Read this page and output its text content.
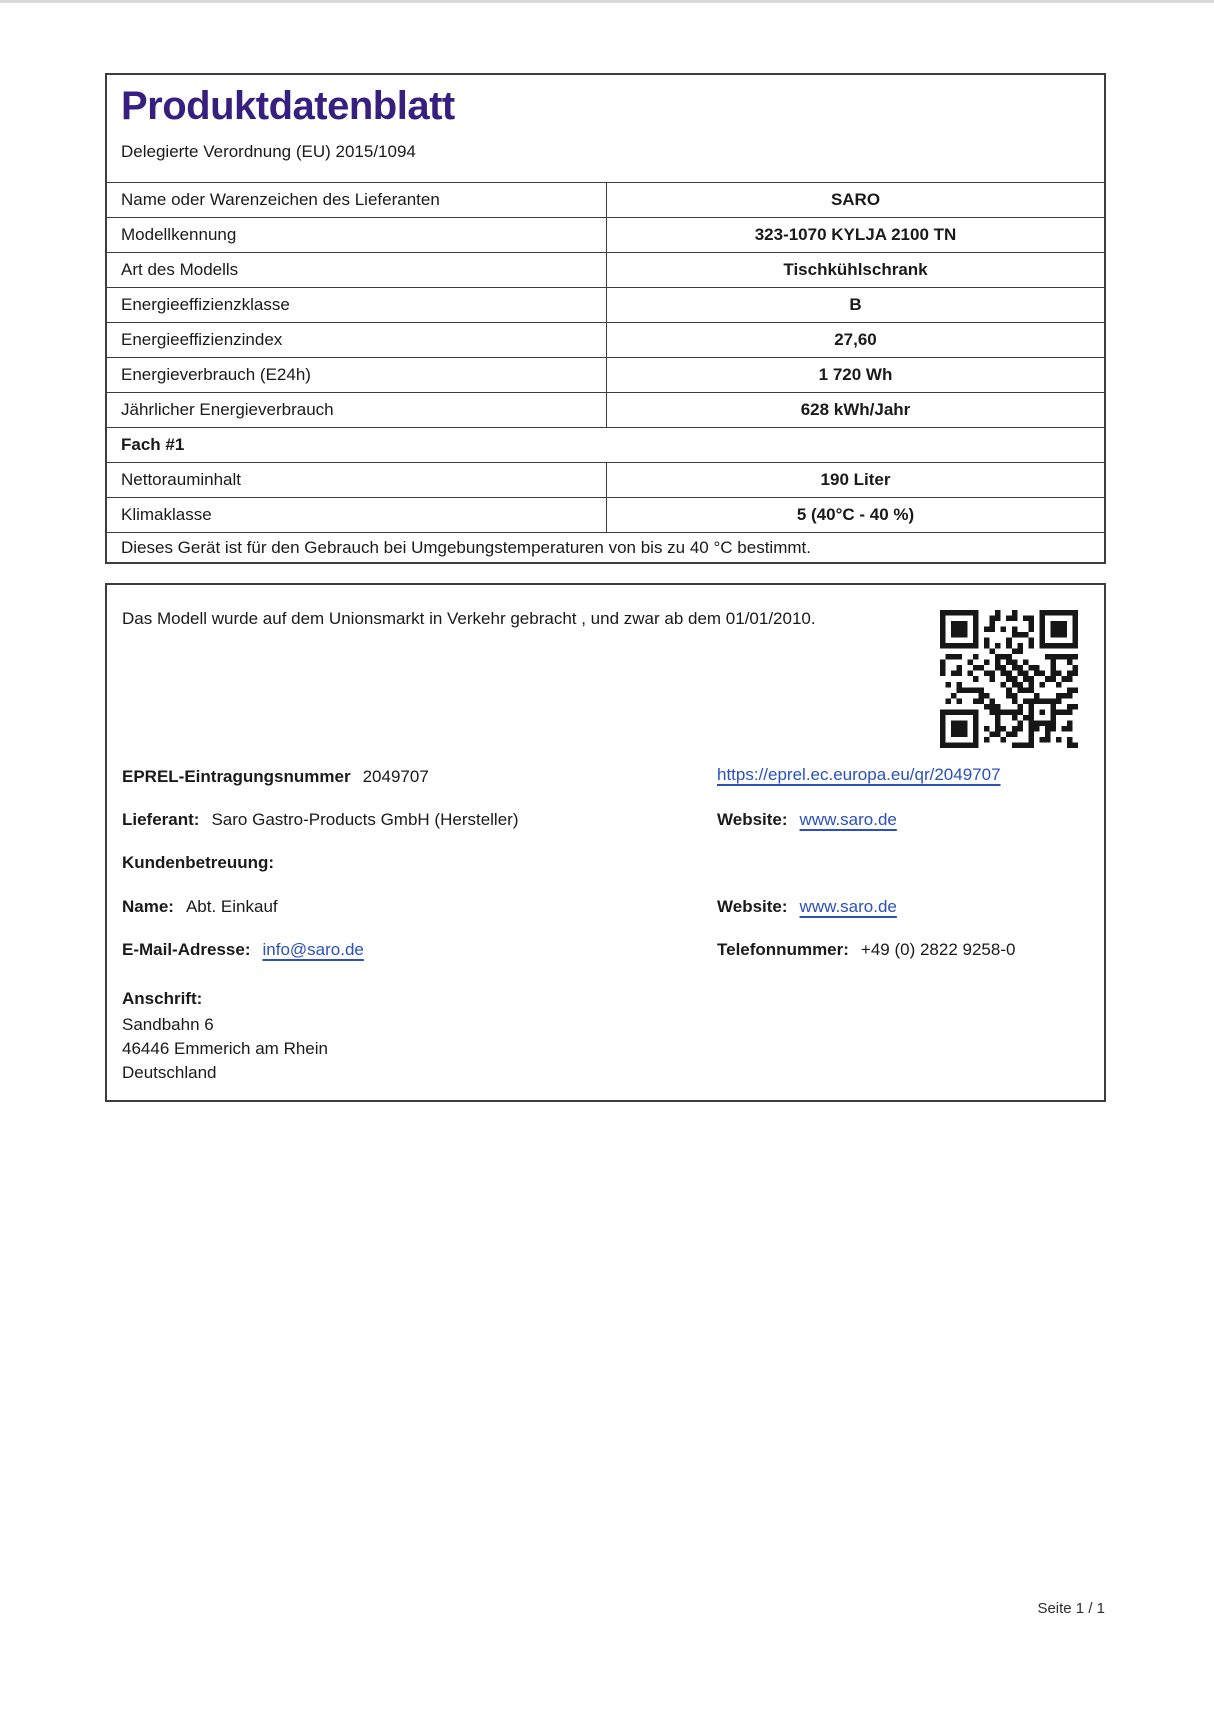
Produktdatenblatt
Delegierte Verordnung (EU) 2015/1094
Name oder Warenzeichen des Lieferanten	SARO
Modellkennung	323-1070 KYLJA 2100 TN
Art des Modells	Tischkühlschrank
Energieeffizienzklasse	B
Energieeffizienzindex	27,60
Energieverbrauch (E24h)	1 720 Wh
Jährlicher Energieverbrauch	628 kWh/Jahr
Fach #1
Nettorauminhalt	190 Liter
Klimaklasse	5 (40°C - 40 %)
Dieses Gerät ist für den Gebrauch bei Umgebungstemperaturen von bis zu 40 °C bestimmt.
Das Modell wurde auf dem Unionsmarkt in Verkehr gebracht , und zwar ab dem 01/01/2010.
EPREL-Eintragungsnummer 2049707	https://eprel.ec.europa.eu/qr/2049707
Lieferant: Saro Gastro-Products GmbH (Hersteller)	Website: www.saro.de
Kundenbetreuung:
Name: Abt. Einkauf	Website: www.saro.de
E-Mail-Adresse: info@saro.de	Telefonnummer: +49 (0) 2822 9258-0
Anschrift:
Sandbahn 6
46446 Emmerich am Rhein
Deutschland
Seite 1 / 1
